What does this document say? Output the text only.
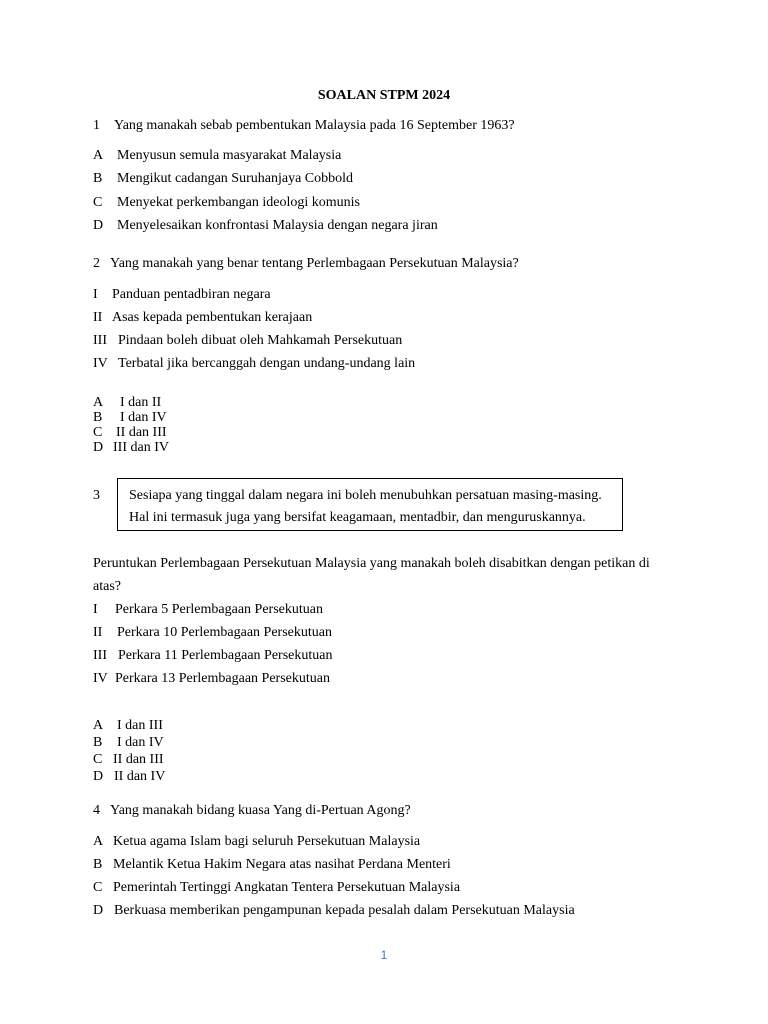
SOALAN STPM 2024
1 Yang manakah sebab pembentukan Malaysia pada 16 September 1963?
A Menyusun semula masyarakat Malaysia
B Mengikut cadangan Suruhanjaya Cobbold
C Menyekat perkembangan ideologi komunis
D Menyelesaikan konfrontasi Malaysia dengan negara jiran
2 Yang manakah yang benar tentang Perlembagaan Persekutuan Malaysia?
I Panduan pentadbiran negara
II Asas kepada pembentukan kerajaan
III Pindaan boleh dibuat oleh Mahkamah Persekutuan
IV Terbatal jika bercanggah dengan undang-undang lain
A I dan II
B I dan IV
C II dan III
D III dan IV
3 Sesiapa yang tinggal dalam negara ini boleh menubuhkan persatuan masing-masing.
Hal ini termasuk juga yang bersifat keagamaan, mentadbir, dan menguruskannya.
Peruntukan Perlembagaan Persekutuan Malaysia yang manakah boleh disabitkan dengan petikan di
atas?
I Perkara 5 Perlembagaan Persekutuan
II Perkara 10 Perlembagaan Persekutuan
III Perkara 11 Perlembagaan Persekutuan
IV Perkara 13 Perlembagaan Persekutuan
A I dan III
B I dan IV
C II dan III
D II dan IV
4 Yang manakah bidang kuasa Yang di-Pertuan Agong?
A Ketua agama Islam bagi seluruh Persekutuan Malaysia
B Melantik Ketua Hakim Negara atas nasihat Perdana Menteri
C Pemerintah Tertinggi Angkatan Tentera Persekutuan Malaysia
D Berkuasa memberikan pengampunan kepada pesalah dalam Persekutuan Malaysia
1
